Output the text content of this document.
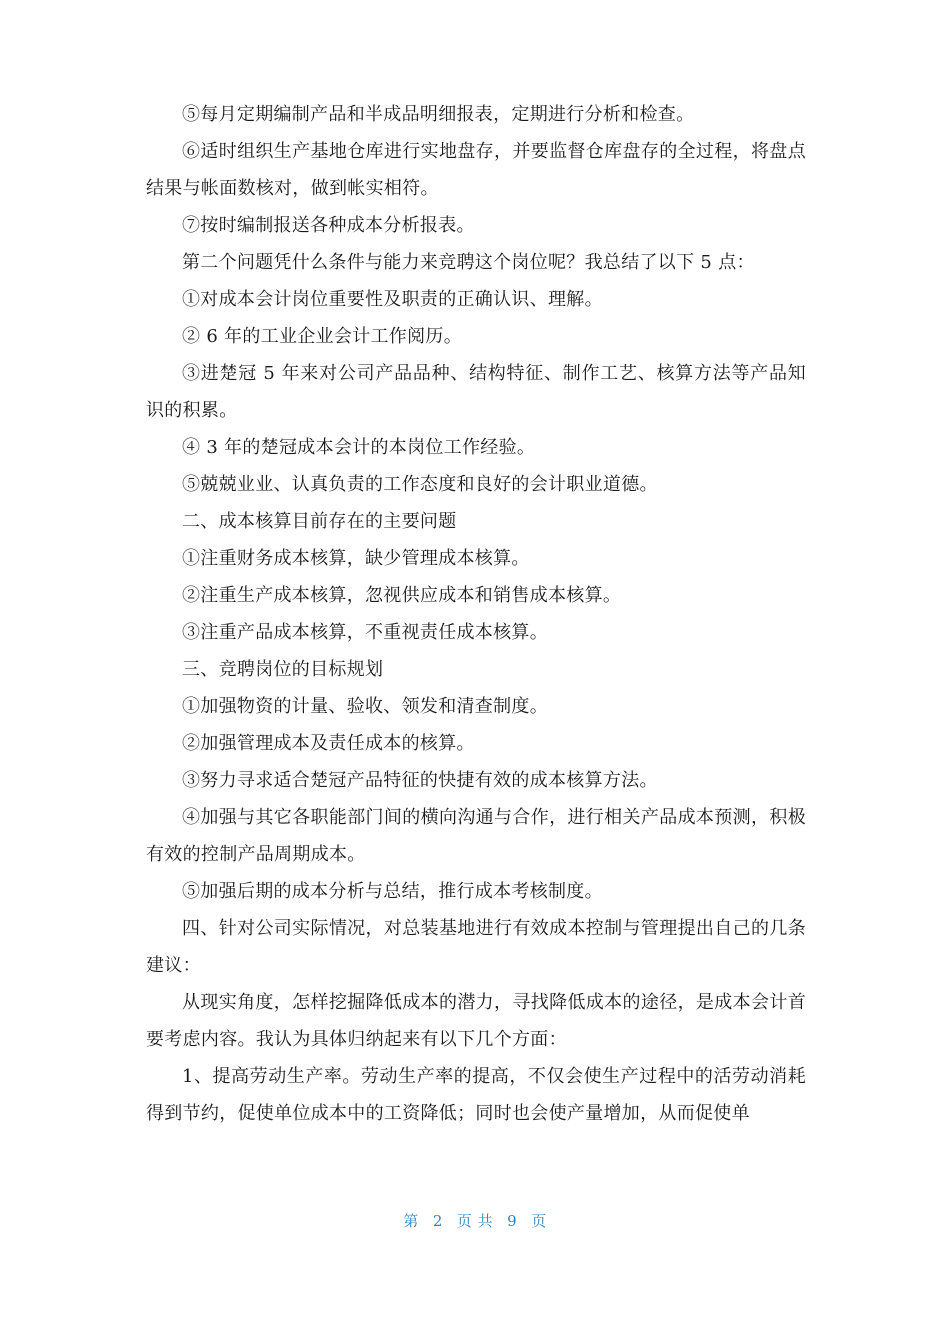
⑤每月定期编制产品和半成品明细报表，定期进行分析和检查。

⑥适时组织生产基地仓库进行实地盘存，并要监督仓库盘存的全过程，将盘点结果与帐面数核对，做到帐实相符。

⑦按时编制报送各种成本分析报表。

第二个问题凭什么条件与能力来竞聘这个岗位呢？我总结了以下 5 点：

①对成本会计岗位重要性及职责的正确认识、理解。

② 6 年的工业企业会计工作阅历。

③进楚冠 5 年来对公司产品品种、结构特征、制作工艺、核算方法等产品知识的积累。

④ 3 年的楚冠成本会计的本岗位工作经验。

⑤兢兢业业、认真负责的工作态度和良好的会计职业道德。

二、成本核算目前存在的主要问题

①注重财务成本核算，缺少管理成本核算。

②注重生产成本核算，忽视供应成本和销售成本核算。

③注重产品成本核算，不重视责任成本核算。

三、竞聘岗位的目标规划

①加强物资的计量、验收、领发和清查制度。

②加强管理成本及责任成本的核算。

③努力寻求适合楚冠产品特征的快捷有效的成本核算方法。

④加强与其它各职能部门间的横向沟通与合作，进行相关产品成本预测，积极有效的控制产品周期成本。

⑤加强后期的成本分析与总结，推行成本考核制度。

四、针对公司实际情况，对总装基地进行有效成本控制与管理提出自己的几条建议：

从现实角度，怎样挖掘降低成本的潜力，寻找降低成本的途径，是成本会计首要考虑内容。我认为具体归纳起来有以下几个方面：

1、提高劳动生产率。劳动生产率的提高，不仅会使生产过程中的活劳动消耗得到节约，促使单位成本中的工资降低；同时也会使产量增加，从而促使单

第 2 页 共 9 页
